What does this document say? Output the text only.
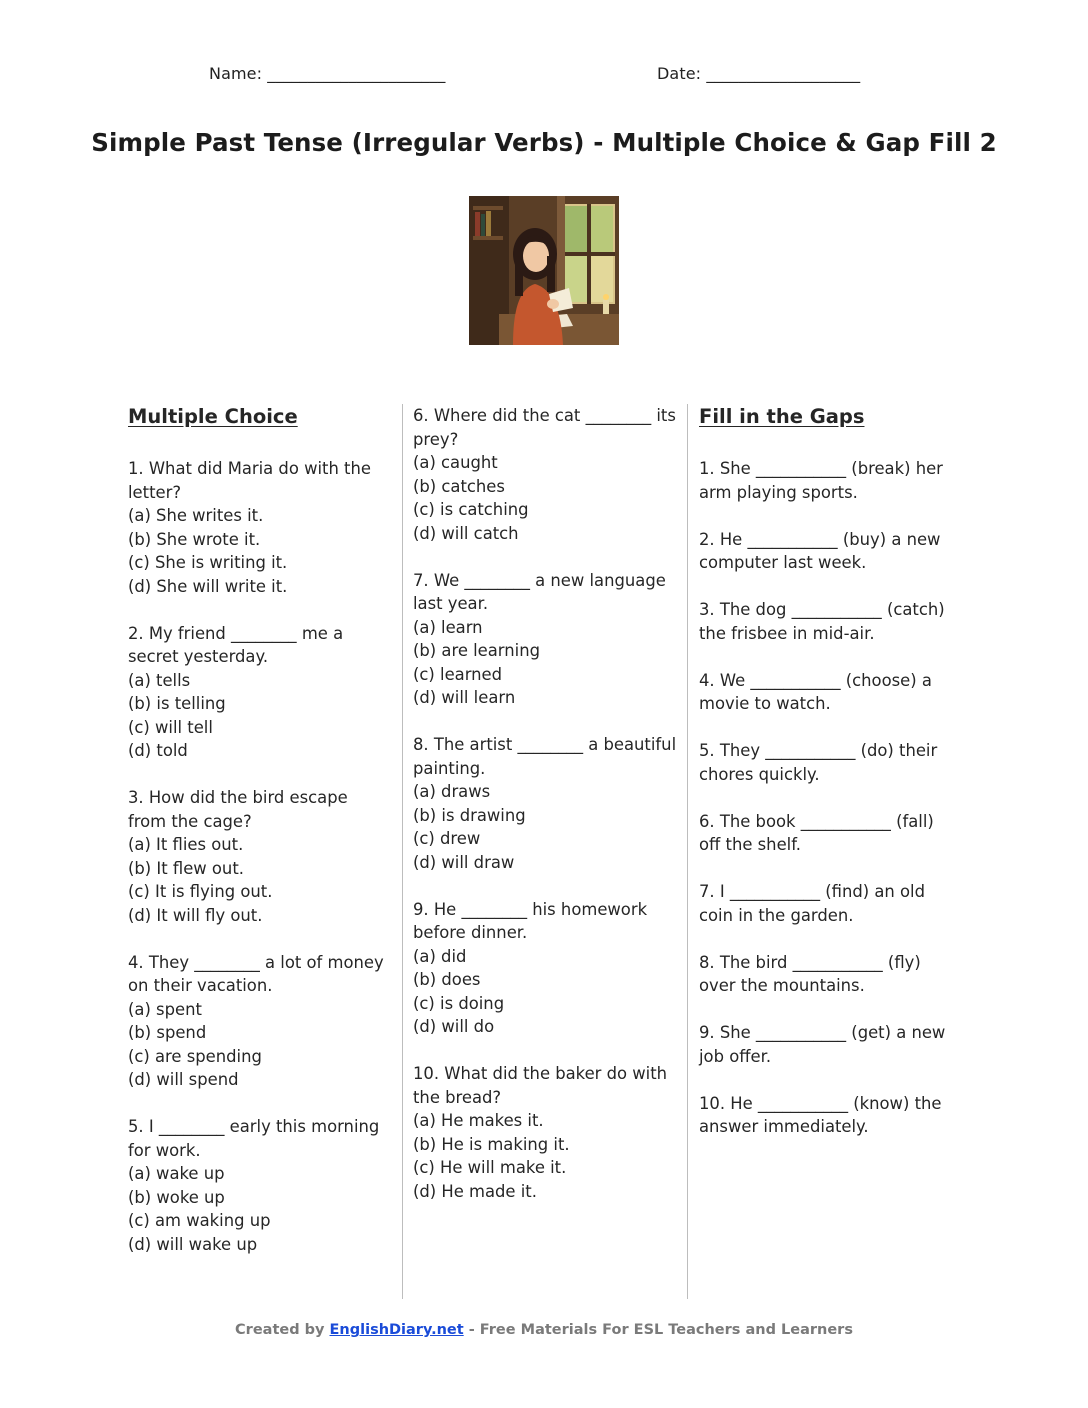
Name: ______________________	Date: ___________________
Simple Past Tense (Irregular Verbs) - Multiple Choice & Gap Fill 2
Multiple Choice
1. What did Maria do with the letter?
(a) She writes it.
(b) She wrote it.
(c) She is writing it.
(d) She will write it.
2. My friend ________ me a secret yesterday.
(a) tells
(b) is telling
(c) will tell
(d) told
3. How did the bird escape from the cage?
(a) It flies out.
(b) It flew out.
(c) It is flying out.
(d) It will fly out.
4. They ________ a lot of money on their vacation.
(a) spent
(b) spend
(c) are spending
(d) will spend
5. I ________ early this morning for work.
(a) wake up
(b) woke up
(c) am waking up
(d) will wake up
6. Where did the cat ________ its prey?
(a) caught
(b) catches
(c) is catching
(d) will catch
7. We ________ a new language last year.
(a) learn
(b) are learning
(c) learned
(d) will learn
8. The artist ________ a beautiful painting.
(a) draws
(b) is drawing
(c) drew
(d) will draw
9. He ________ his homework before dinner.
(a) did
(b) does
(c) is doing
(d) will do
10. What did the baker do with the bread?
(a) He makes it.
(b) He is making it.
(c) He will make it.
(d) He made it.
Fill in the Gaps
1. She ___________ (break) her arm playing sports.
2. He ___________ (buy) a new computer last week.
3. The dog ___________ (catch) the frisbee in mid-air.
4. We ___________ (choose) a movie to watch.
5. They ___________ (do) their chores quickly.
6. The book ___________ (fall) off the shelf.
7. I ___________ (find) an old coin in the garden.
8. The bird ___________ (fly) over the mountains.
9. She ___________ (get) a new job offer.
10. He ___________ (know) the answer immediately.
Created by EnglishDiary.net - Free Materials For ESL Teachers and Learners
